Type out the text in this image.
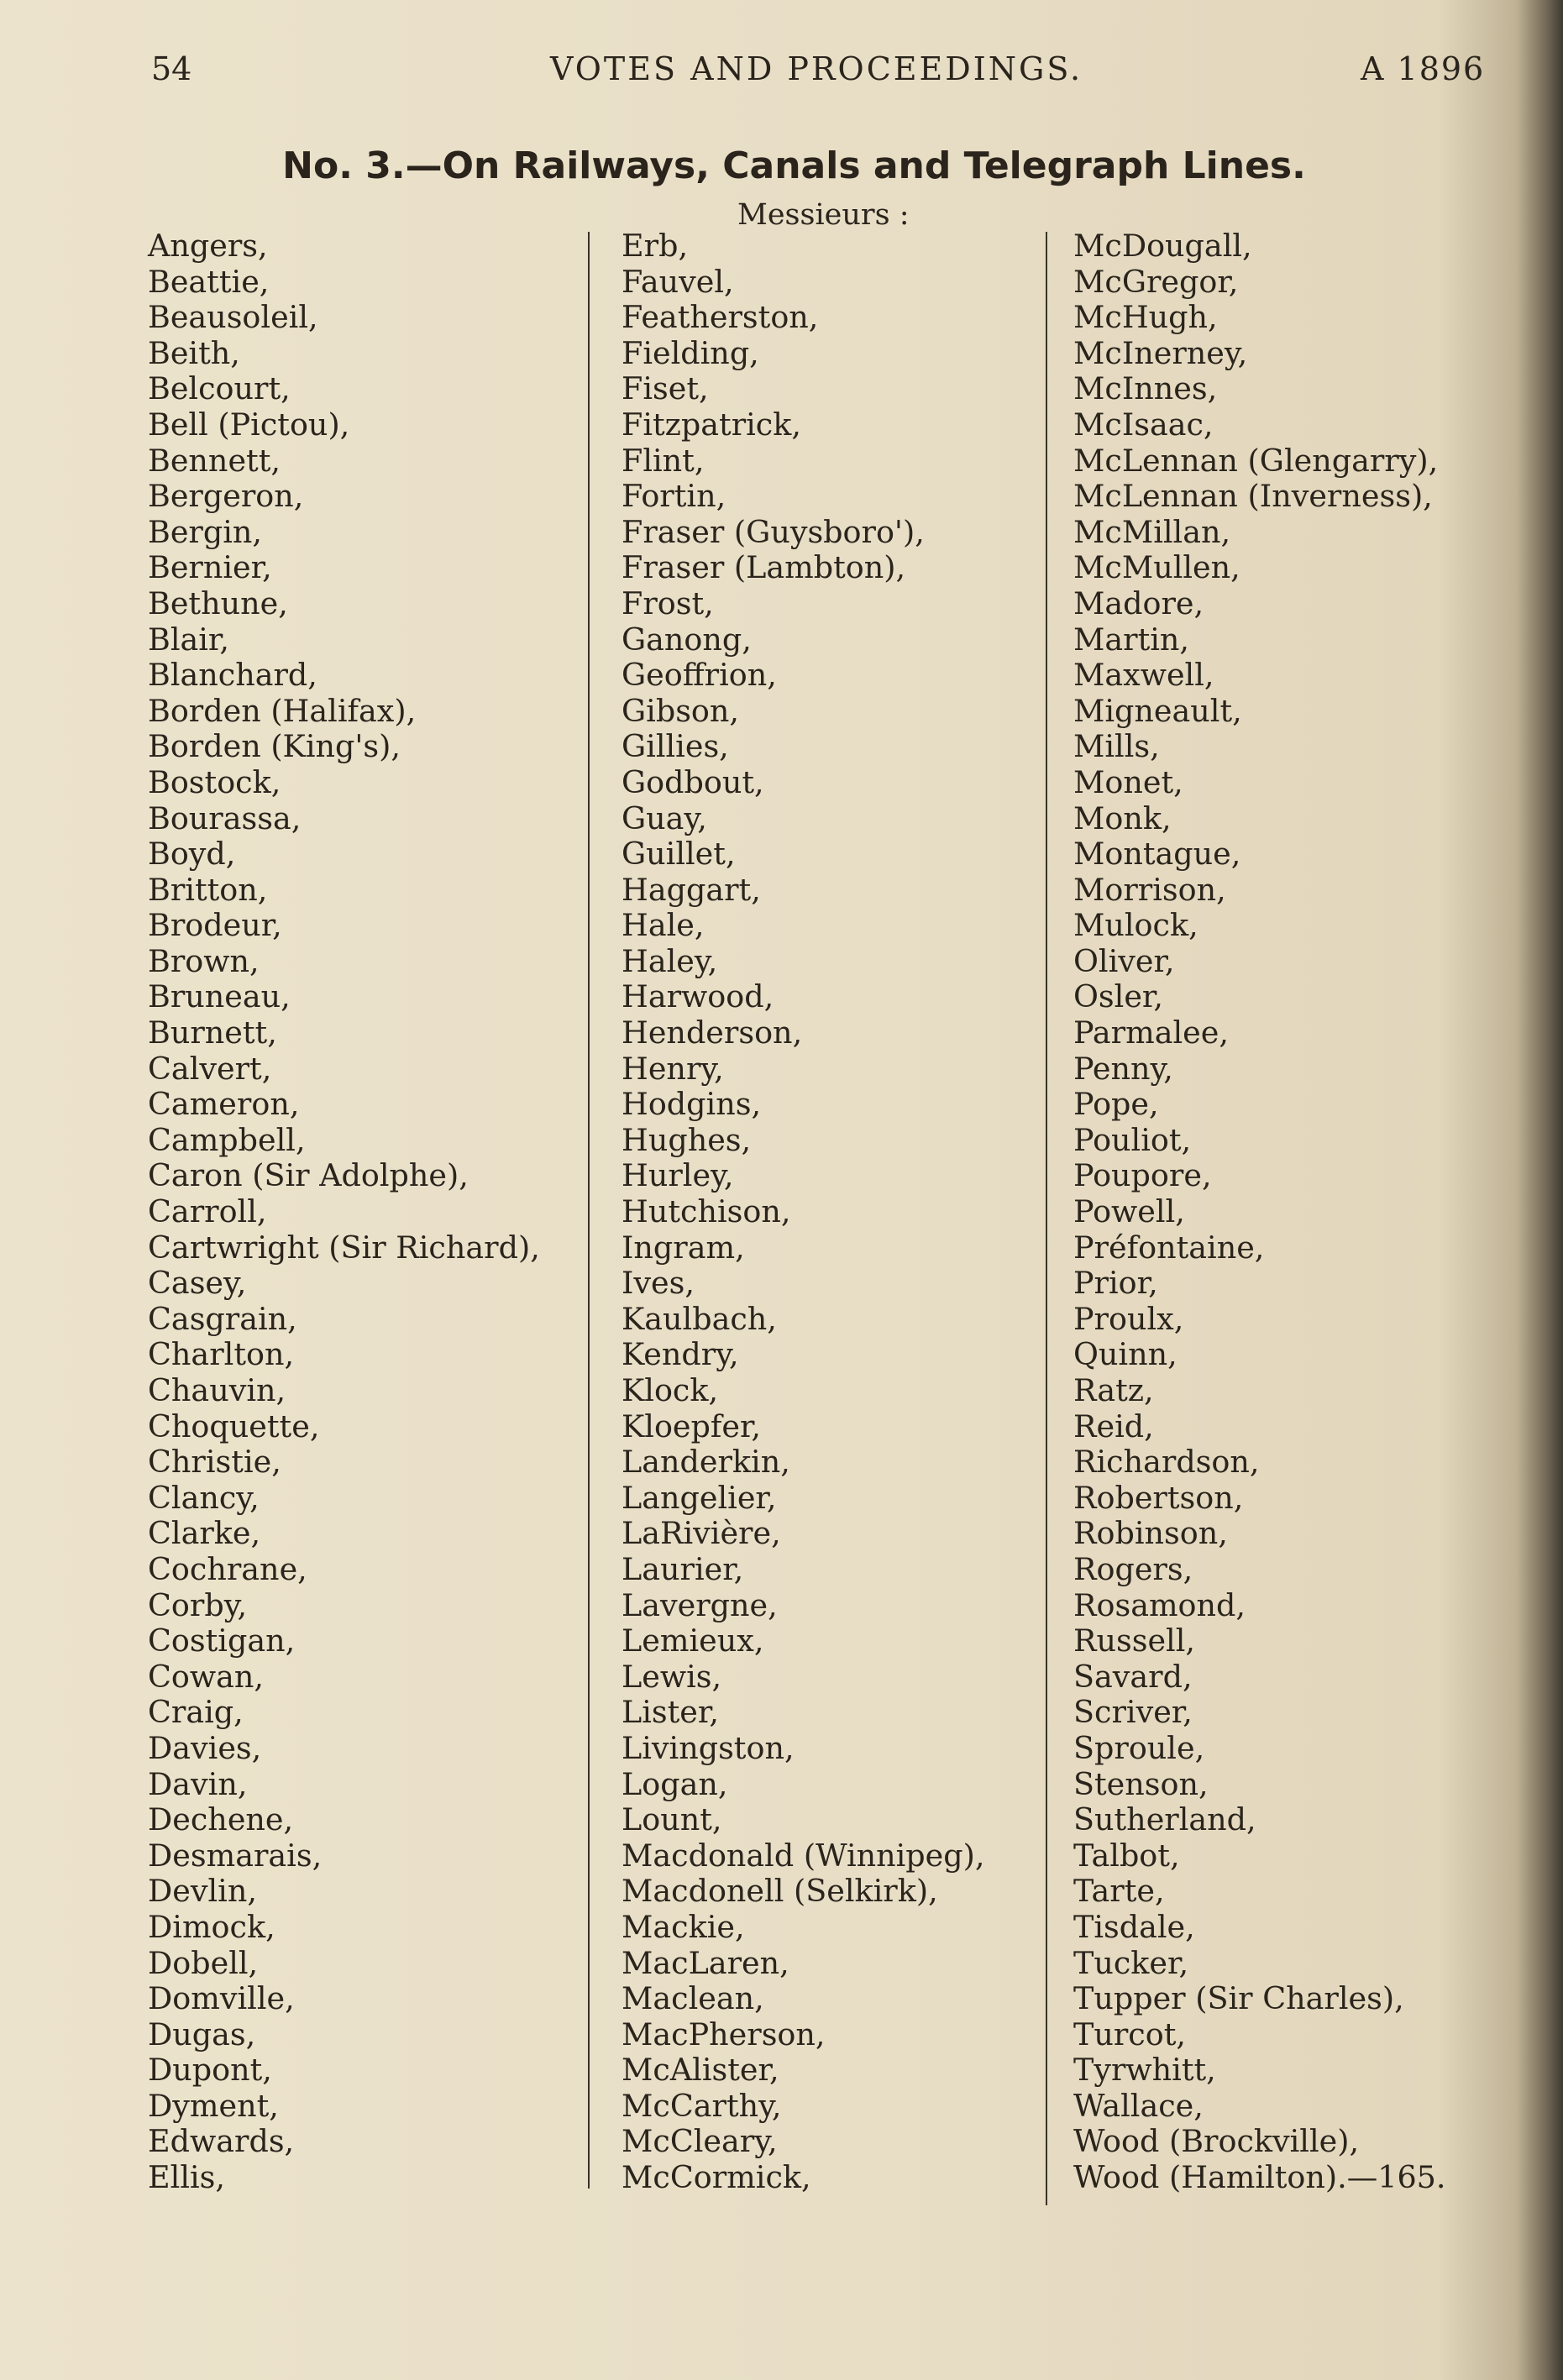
54	VOTES AND PROCEEDINGS.	A 1896
No. 3.—On Railways, Canals and Telegraph Lines.
Messieurs :
Angers,
Beattie,
Beausoleil,
Beith,
Belcourt,
Bell (Pictou),
Bennett,
Bergeron,
Bergin,
Bernier,
Bethune,
Blair,
Blanchard,
Borden (Halifax),
Borden (King's),
Bostock,
Bourassa,
Boyd,
Britton,
Brodeur,
Brown,
Bruneau,
Burnett,
Calvert,
Cameron,
Campbell,
Caron (Sir Adolphe),
Carroll,
Cartwright (Sir Richard),
Casey,
Casgrain,
Charlton,
Chauvin,
Choquette,
Christie,
Clancy,
Clarke,
Cochrane,
Corby,
Costigan,
Cowan,
Craig,
Davies,
Davin,
Dechene,
Desmarais,
Devlin,
Dimock,
Dobell,
Domville,
Dugas,
Dupont,
Dyment,
Edwards,
Ellis,
Erb,
Fauvel,
Featherston,
Fielding,
Fiset,
Fitzpatrick,
Flint,
Fortin,
Fraser (Guysboro'),
Fraser (Lambton),
Frost,
Ganong,
Geoffrion,
Gibson,
Gillies,
Godbout,
Guay,
Guillet,
Haggart,
Hale,
Haley,
Harwood,
Henderson,
Henry,
Hodgins,
Hughes,
Hurley,
Hutchison,
Ingram,
Ives,
Kaulbach,
Kendry,
Klock,
Kloepfer,
Landerkin,
Langelier,
LaRivière,
Laurier,
Lavergne,
Lemieux,
Lewis,
Lister,
Livingston,
Logan,
Lount,
Macdonald (Winnipeg),
Macdonell (Selkirk),
Mackie,
MacLaren,
Maclean,
MacPherson,
McAlister,
McCarthy,
McCleary,
McCormick,
McDougall,
McGregor,
McHugh,
McInerney,
McInnes,
McIsaac,
McLennan (Glengarry),
McLennan (Inverness),
McMillan,
McMullen,
Madore,
Martin,
Maxwell,
Migneault,
Mills,
Monet,
Monk,
Montague,
Morrison,
Mulock,
Oliver,
Osler,
Parmalee,
Penny,
Pope,
Pouliot,
Poupore,
Powell,
Préfontaine,
Prior,
Proulx,
Quinn,
Ratz,
Reid,
Richardson,
Robertson,
Robinson,
Rogers,
Rosamond,
Russell,
Savard,
Scriver,
Sproule,
Stenson,
Sutherland,
Talbot,
Tarte,
Tisdale,
Tucker,
Tupper (Sir Charles),
Turcot,
Tyrwhitt,
Wallace,
Wood (Brockville),
Wood (Hamilton).—165.
